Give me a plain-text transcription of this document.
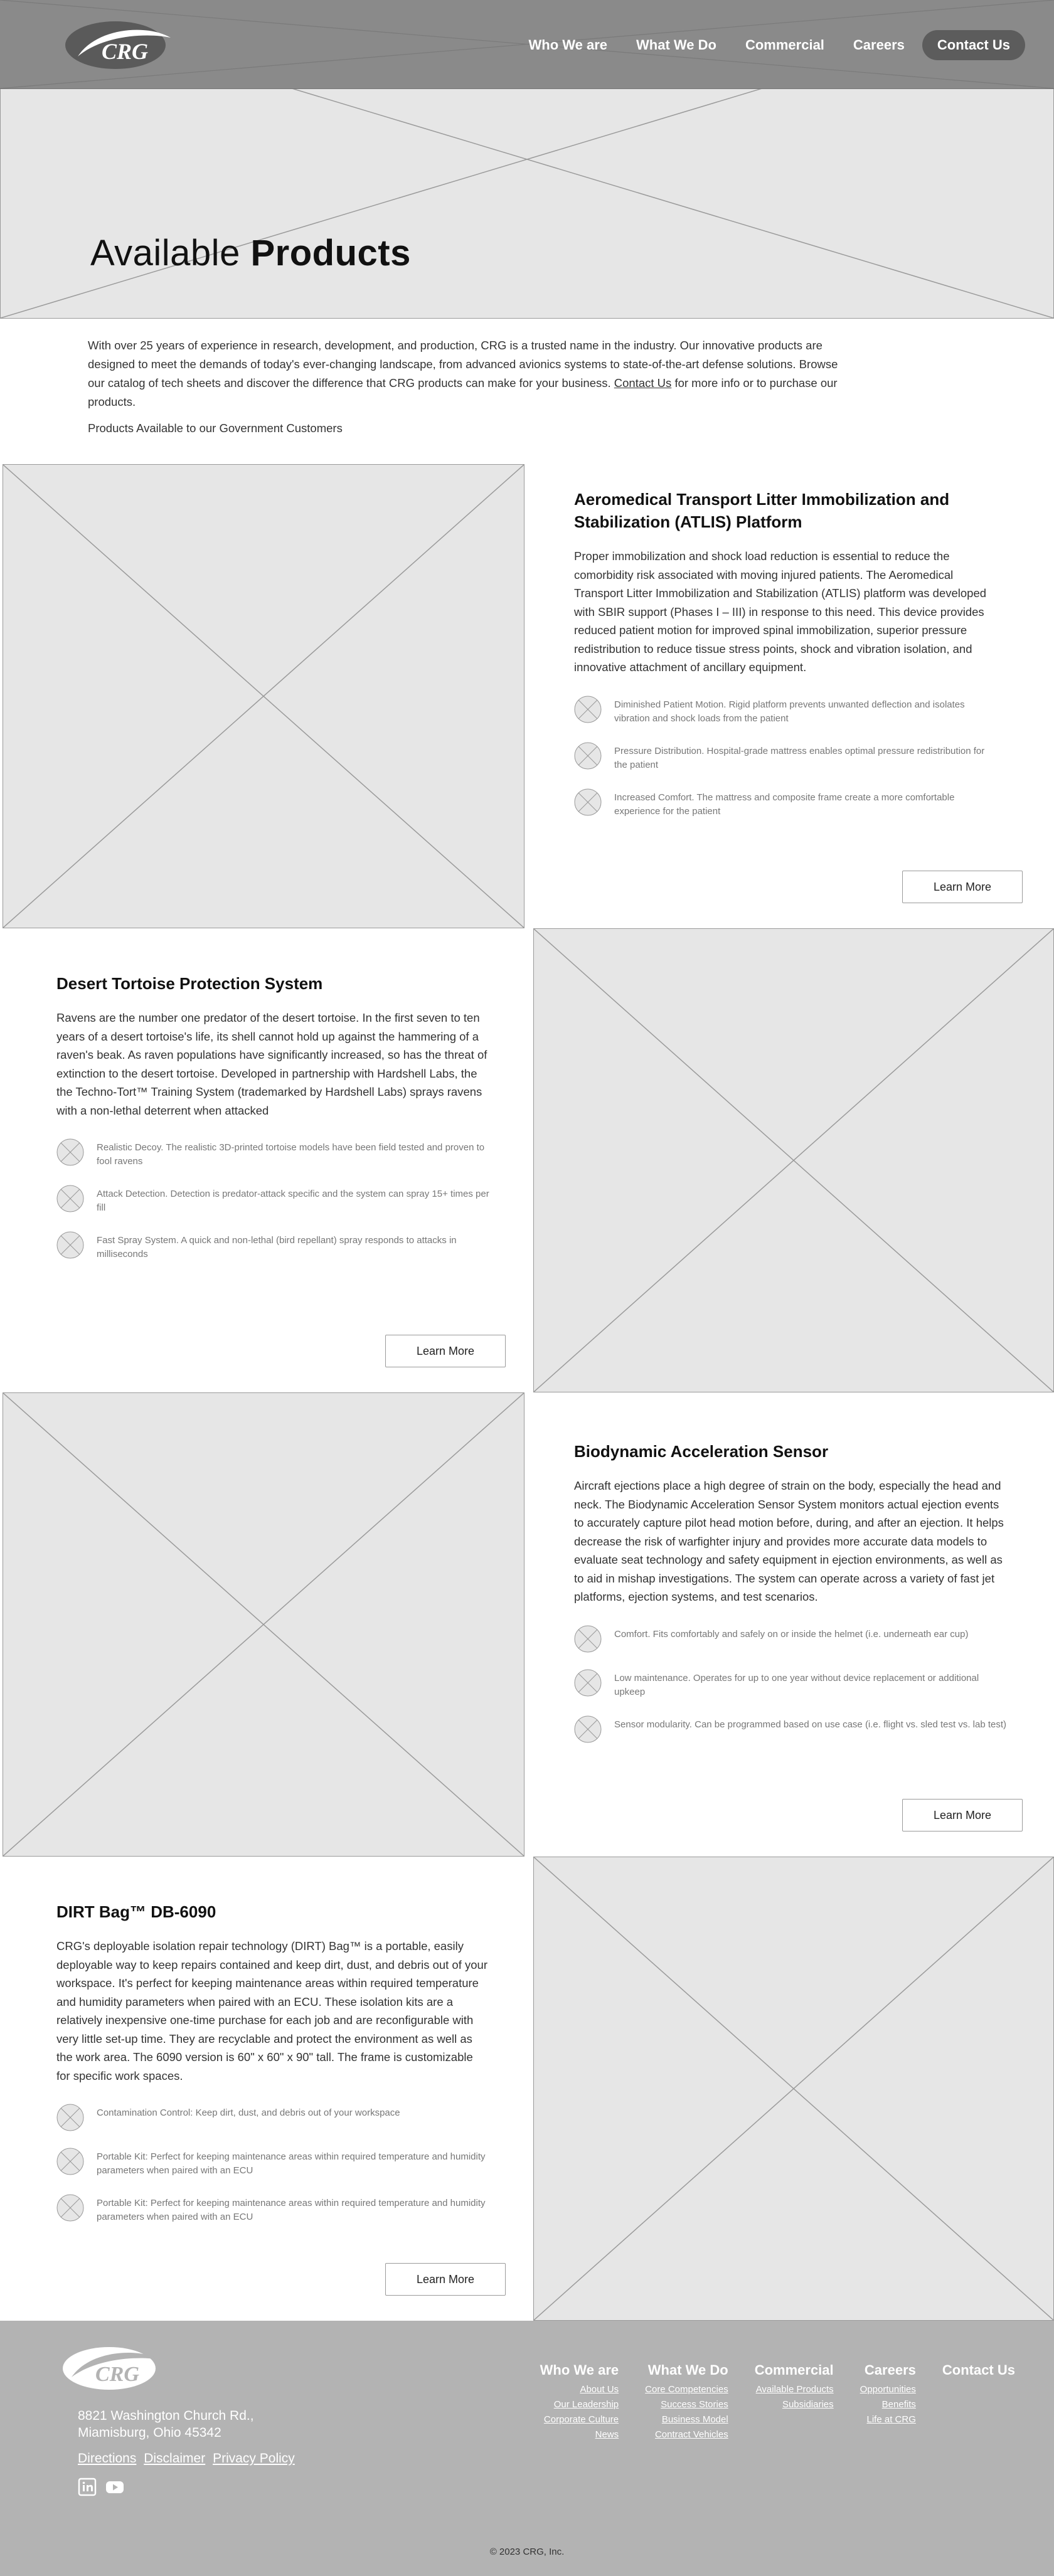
CRG	Who We are What We Do Commercial Careers	Contact Us
Available Products

With over 25 years of experience in research, development, and production, CRG is a trusted name in the industry. Our innovative products are designed to meet the demands of today's ever-changing landscape, from advanced avionics systems to state-of-the-art defense solutions. Browse our catalog of tech sheets and discover the difference that CRG products can make for your business. Contact Us for more info or to purchase our products.

Products Available to our Government Customers

Aeromedical Transport Litter Immobilization and Stabilization (ATLIS) Platform
Proper immobilization and shock load reduction is essential to reduce the comorbidity risk associated with moving injured patients. The Aeromedical Transport Litter Immobilization and Stabilization (ATLIS) platform was developed with SBIR support (Phases I – III) in response to this need. This device provides reduced patient motion for improved spinal immobilization, superior pressure redistribution to reduce tissue stress points, shock and vibration isolation, and innovative attachment of ancillary equipment.
Diminished Patient Motion. Rigid platform prevents unwanted deflection and isolates vibration and shock loads from the patient
Pressure Distribution. Hospital-grade mattress enables optimal pressure redistribution for the patient
Increased Comfort. The mattress and composite frame create a more comfortable experience for the patient
Learn More
Desert Tortoise Protection System
Ravens are the number one predator of the desert tortoise. In the first seven to ten years of a desert tortoise's life, its shell cannot hold up against the hammering of a raven's beak. As raven populations have significantly increased, so has the threat of extinction to the desert tortoise. Developed in partnership with Hardshell Labs, the the Techno-Tort™ Training System (trademarked by Hardshell Labs) sprays ravens with a non-lethal deterrent when attacked
Realistic Decoy. The realistic 3D-printed tortoise models have been field tested and proven to fool ravens
Attack Detection. Detection is predator-attack specific and the system can spray 15+ times per fill
Fast Spray System. A quick and non-lethal (bird repellant) spray responds to attacks in milliseconds
Learn More
Biodynamic Acceleration Sensor
Aircraft ejections place a high degree of strain on the body, especially the head and neck. The Biodynamic Acceleration Sensor System monitors actual ejection events to accurately capture pilot head motion before, during, and after an ejection. It helps decrease the risk of warfighter injury and provides more accurate data models to evaluate seat technology and safety equipment in ejection environments, as well as to aid in mishap investigations. The system can operate across a variety of fast jet platforms, ejection systems, and test scenarios.
Comfort. Fits comfortably and safely on or inside the helmet (i.e. underneath ear cup)
Low maintenance. Operates for up to one year without device replacement or additional upkeep
Sensor modularity. Can be programmed based on use case (i.e. flight vs. sled test vs. lab test)
Learn More
DIRT Bag™ DB-6090
CRG's deployable isolation repair technology (DIRT) Bag™ is a portable, easily deployable way to keep repairs contained and keep dirt, dust, and debris out of your workspace. It's perfect for keeping maintenance areas within required temperature and humidity parameters when paired with an ECU. These isolation kits are a relatively inexpensive one-time purchase for each job and are reconfigurable with very little set-up time. They are recyclable and protect the environment as well as the work area. The 6090 version is 60" x 60" x 90" tall. The frame is customizable for specific work spaces.
Contamination Control: Keep dirt, dust, and debris out of your workspace
Portable Kit: Perfect for keeping maintenance areas within required temperature and humidity parameters when paired with an ECU
Portable Kit: Perfect for keeping maintenance areas within required temperature and humidity parameters when paired with an ECU
Learn More
CRG
8821 Washington Church Rd.,
Miamisburg, Ohio 45342
Directions Disclaimer Privacy Policy
Who We are
About Us
Our Leadership
Corporate Culture
News
What We Do
Core Competencies
Success Stories
Business Model
Contract Vehicles
Commercial
Available Products
Subsidiaries
Careers
Opportunities
Benefits
Life at CRG
Contact Us
© 2023 CRG, Inc.
